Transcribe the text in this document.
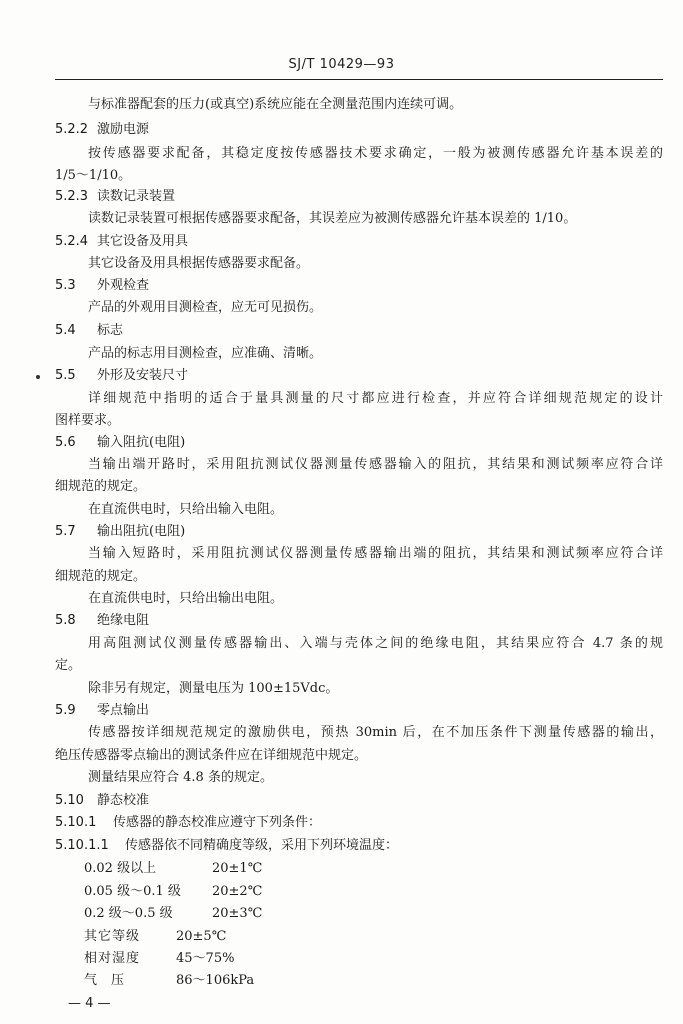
SJ/T 10429—93
与标准器配套的压力(或真空)系统应能在全测量范围内连续可调。
5.2.2 激励电源
按传感器要求配备，其稳定度按传感器技术要求确定，一般为被测传感器允许基本误差的
1/5～1/10。
5.2.3 读数记录装置
读数记录装置可根据传感器要求配备，其误差应为被测传感器允许基本误差的 1/10。
5.2.4 其它设备及用具
其它设备及用具根据传感器要求配备。
5.3 外观检查
产品的外观用目测检查，应无可见损伤。
5.4 标志
产品的标志用目测检查，应准确、清晰。
5.5 外形及安装尺寸
详细规范中指明的适合于量具测量的尺寸都应进行检查，并应符合详细规范规定的设计
图样要求。
5.6 输入阻抗(电阻)
当输出端开路时，采用阻抗测试仪器测量传感器输入的阻抗，其结果和测试频率应符合详
细规范的规定。
在直流供电时，只给出输入电阻。
5.7 输出阻抗(电阻)
当输入短路时，采用阻抗测试仪器测量传感器输出端的阻抗，其结果和测试频率应符合详
细规范的规定。
在直流供电时，只给出输出电阻。
5.8 绝缘电阻
用高阻测试仪测量传感器输出、入端与壳体之间的绝缘电阻，其结果应符合 4.7 条的规
定。
除非另有规定，测量电压为 100±15Vdc。
5.9 零点输出
传感器按详细规范规定的激励供电，预热 30min 后，在不加压条件下测量传感器的输出，
绝压传感器零点输出的测试条件应在详细规范中规定。
测量结果应符合 4.8 条的规定。
5.10 静态校准
5.10.1 传感器的静态校准应遵守下列条件：
5.10.1.1 传感器依不同精确度等级，采用下列环境温度：
0.02 级以上	20±1℃
0.05 级～0.1 级 20±2℃
0.2 级～0.5 级	20±3℃
其它等级	20±5℃
相对湿度	45～75%
气压	86～106kPa
— 4 —
